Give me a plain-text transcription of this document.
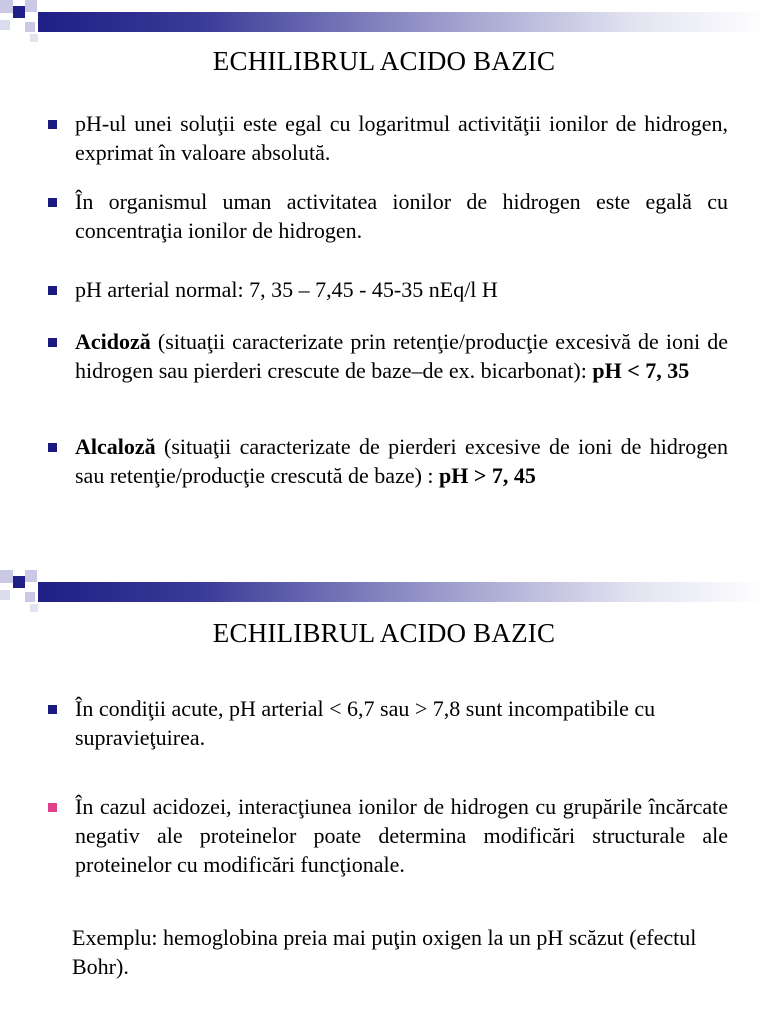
ECHILIBRUL ACIDO BAZIC
pH-ul unei soluţii este egal cu logaritmul activităţii ionilor de hidrogen, exprimat în valoare absolută.
În organismul uman activitatea ionilor de hidrogen este egală cu concentraţia ionilor de hidrogen.
pH arterial normal: 7, 35 – 7,45 - 45-35 nEq/l H
Acidoză (situaţii caracterizate prin retenţie/producţie excesivă de ioni de hidrogen sau pierderi crescute de baze–de ex. bicarbonat): pH < 7, 35
Alcaloză (situaţii caracterizate de pierderi excesive de ioni de hidrogen sau retenţie/producţie crescută de baze) : pH > 7, 45
ECHILIBRUL ACIDO BAZIC
În condiţii acute, pH arterial < 6,7 sau > 7,8 sunt incompatibile cu supravieţuirea.
În cazul acidozei, interacţiunea ionilor de hidrogen cu grupările încărcate negativ ale proteinelor poate determina modificări structurale ale proteinelor cu modificări funcţionale.
Exemplu: hemoglobina preia mai puţin oxigen la un pH scăzut (efectul Bohr).
